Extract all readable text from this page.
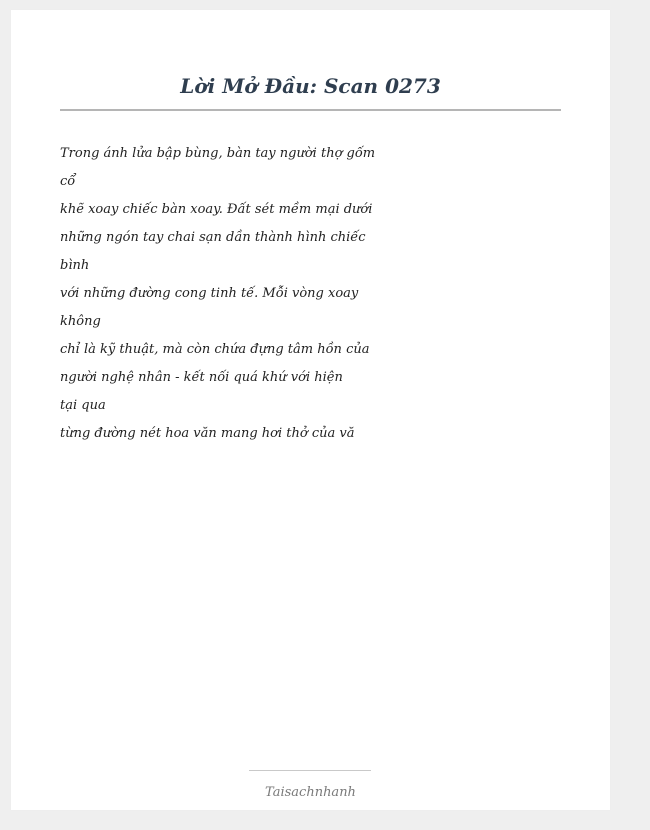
Lời Mở Đầu: Scan 0273
Trong ánh lửa bập bùng, bàn tay người thợ gốm
cổ
khẽ xoay chiếc bàn xoay. Đất sét mềm mại dưới
những ngón tay chai sạn dần thành hình chiếc
bình
với những đường cong tinh tế. Mỗi vòng xoay
không
chỉ là kỹ thuật, mà còn chứa đựng tâm hồn của
người nghệ nhân - kết nối quá khứ với hiện
tại qua
từng đường nét hoa văn mang hơi thở của vă
Taisachnhanh
